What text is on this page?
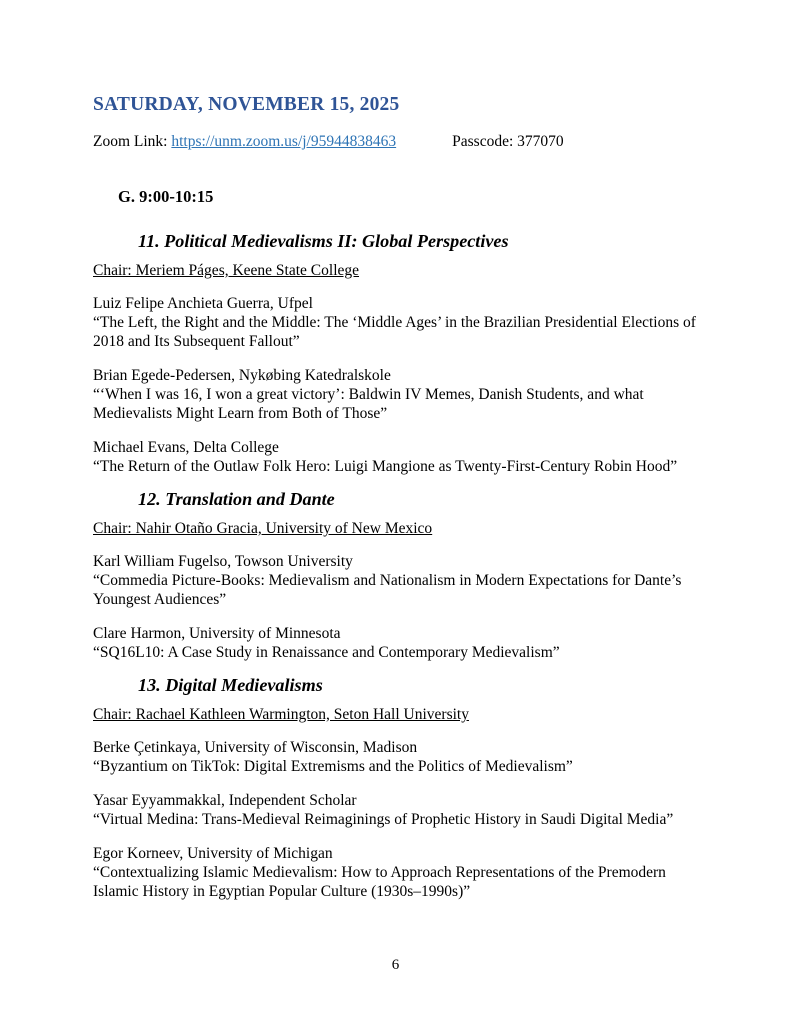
SATURDAY, NOVEMBER 15, 2025

Zoom Link: https://unm.zoom.us/j/95944838463	Passcode: 377070

G. 9:00-10:15
11. Political Medievalisms II: Global Perspectives

Chair: Meriem Páges, Keene State College

Luiz Felipe Anchieta Guerra, Ufpel
“The Left, the Right and the Middle: The ‘Middle Ages’ in the Brazilian Presidential Elections of 2018 and Its Subsequent Fallout”
Brian Egede-Pedersen, Nykøbing Katedralskole
“‘When I was 16, I won a great victory’: Baldwin IV Memes, Danish Students, and what Medievalists Might Learn from Both of Those”
Michael Evans, Delta College
“The Return of the Outlaw Folk Hero: Luigi Mangione as Twenty-First-Century Robin Hood”
12. Translation and Dante

Chair: Nahir Otaño Gracia, University of New Mexico

Karl William Fugelso, Towson University
“Commedia Picture-Books: Medievalism and Nationalism in Modern Expectations for Dante’s Youngest Audiences”
Clare Harmon, University of Minnesota
“SQ16L10: A Case Study in Renaissance and Contemporary Medievalism”
13. Digital Medievalisms

Chair: Rachael Kathleen Warmington, Seton Hall University

Berke Çetinkaya, University of Wisconsin, Madison
“Byzantium on TikTok: Digital Extremisms and the Politics of Medievalism”
Yasar Eyyammakkal, Independent Scholar
“Virtual Medina: Trans-Medieval Reimaginings of Prophetic History in Saudi Digital Media”
Egor Korneev, University of Michigan
“Contextualizing Islamic Medievalism: How to Approach Representations of the Premodern Islamic History in Egyptian Popular Culture (1930s–1990s)”
6
